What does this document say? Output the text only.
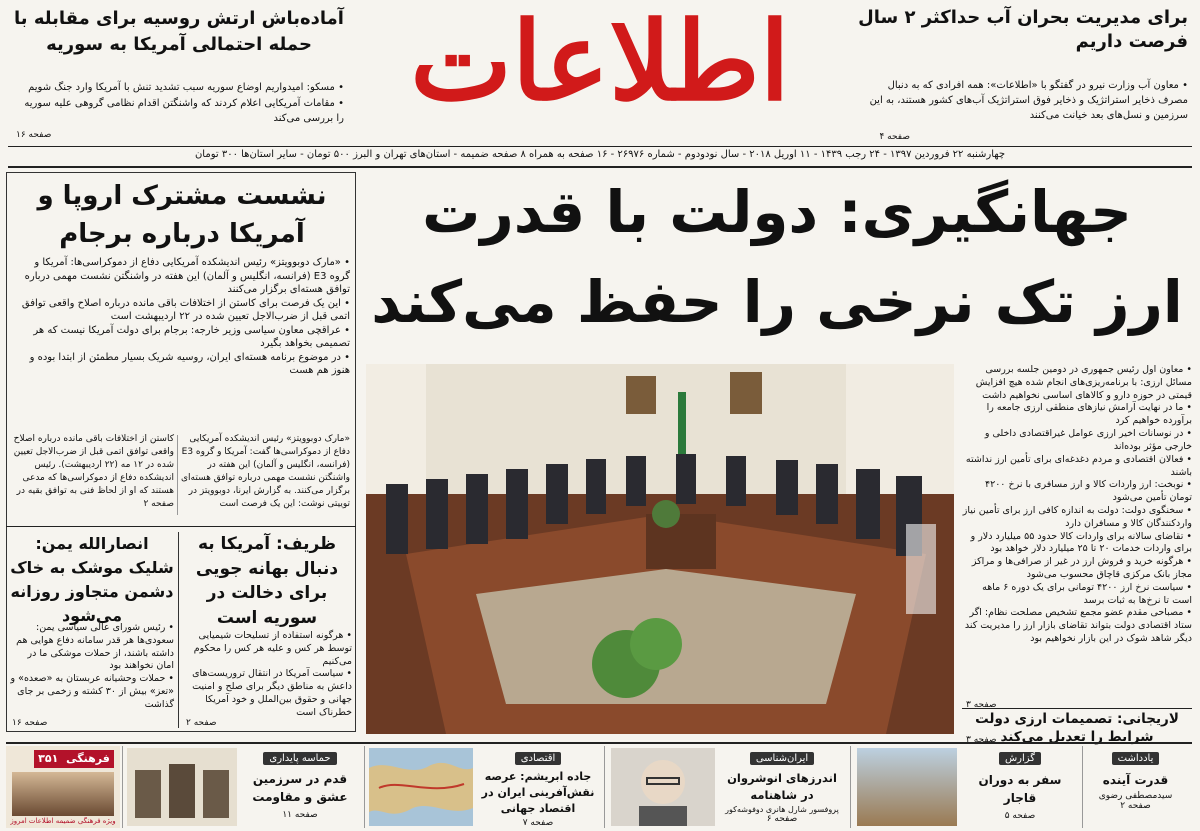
برای مدیریت بحران آب حداکثر ۲ سال فرصت داریم
• معاون آب وزارت نیرو در گفتگو با «اطلاعات»: همه افرادی که به دنبال مصرف ذخایر استراتژیک و ذخایر فوق استراتژیک آب‌های کشور هستند، به این سرزمین و نسل‌های بعد خیانت می‌کنند
صفحه ۴
اطلاعات
آماده‌باش ارتش روسیه برای مقابله با حمله احتمالی آمریکا به سوریه
• مسکو: امیدواریم اوضاع سوریه سبب تشدید تنش با آمریکا وارد جنگ شویم
• مقامات آمریکایی اعلام کردند که واشنگتن اقدام نظامی گروهی علیه سوریه را بررسی می‌کند
صفحه ۱۶
چهارشنبه ۲۲ فروردین ۱۳۹۷ - ۲۴ رجب ۱۴۳۹ - ۱۱ آوریل ۲۰۱۸ - سال نودودوم - شماره ۲۶۹۷۶ - ۱۶ صفحه به همراه ۸ صفحه ضمیمه - استان‌های تهران و البرز ۵۰۰ تومان - سایر استان‌ها ۳۰۰ تومان
نشست مشترک اروپا و آمریکا درباره برجام
• «مارک دوبوویتز» رئیس اندیشکده آمریکایی دفاع از دموکراسی‌ها: آمریکا و گروه E3 (فرانسه، انگلیس و آلمان) این هفته در واشنگتن نشست مهمی درباره توافق هسته‌ای برگزار می‌کنند
• این یک فرصت برای کاستن از اختلافات باقی مانده درباره اصلاح واقعی توافق اتمی قبل از ضرب‌الاجل تعیین شده در ۲۲ اردیبهشت است
• عراقچی معاون سیاسی وزیر خارجه: برجام برای دولت آمریکا نیست که هر تصمیمی بخواهد بگیرد
• در موضوع برنامه هسته‌ای ایران، روسیه شریک بسیار مطمئن از ابتدا بوده و هنوز هم هست
«مارک دوبوویتز» رئیس اندیشکده آمریکایی دفاع از دموکراسی‌ها گفت: آمریکا و گروه E3 (فرانسه، انگلیس و آلمان) این هفته در واشنگتن نشست مهمی درباره توافق هسته‌ای برگزار می‌کنند. به گزارش ایرنا، دوبوویتز در توییتی نوشت: این یک فرصت است
کاستن از اختلافات باقی مانده درباره اصلاح واقعی توافق اتمی قبل از ضرب‌الاجل تعیین شده در ۱۲ مه (۲۲ اردیبهشت). رئیس اندیشکده دفاع از دموکراسی‌ها که مدعی هستند که او از لحاظ فنی به توافق بقیه در صفحه ۲
ظریف: آمریکا به دنبال بهانه جویی برای دخالت در سوریه است
• هرگونه استفاده از تسلیحات شیمیایی توسط هر کس و علیه هر کس را محکوم می‌کنیم
• سیاست آمریکا در انتقال تروریست‌های داعش به مناطق دیگر برای صلح و امنیت جهانی و حقوق بین‌الملل و خود آمریکا خطرناک است
صفحه ۲
انصارالله یمن: شلیک موشک به خاک دشمن متجاوز روزانه می‌شود
• رئیس شورای عالی سیاسی یمن: سعودی‌ها هر قدر سامانه دفاع هوایی هم داشته باشند، از حملات موشکی ما در امان نخواهند بود
• حملات وحشیانه عربستان به «صعده» و «تعز» بیش از ۳۰ کشته و زخمی بر جای گذاشت
صفحه ۱۶
جهانگیری: دولت با قدرت
ارز تک نرخی را حفظ می‌کند
• معاون اول رئیس جمهوری در دومین جلسه بررسی مسائل ارزی: با برنامه‌ریزی‌های انجام شده هیچ افزایش قیمتی در حوزه دارو و کالاهای اساسی نخواهیم داشت
• ما در نهایت آرامش نیازهای منطقی ارزی جامعه را برآورده خواهیم کرد
• در نوسانات اخیر ارزی عوامل غیراقتصادی داخلی و خارجی مؤثر بوده‌اند
• فعالان اقتصادی و مردم دغدغه‌ای برای تأمین ارز نداشته باشند
• نوبخت: ارز واردات کالا و ارز مسافری با نرخ ۴۲۰۰ تومان تأمین می‌شود
• سخنگوی دولت: دولت به اندازه کافی ارز برای تأمین نیاز واردکنندگان کالا و مسافران دارد
• تقاضای سالانه برای واردات کالا حدود ۵۵ میلیارد دلار و برای واردات خدمات ۲۰ تا ۲۵ میلیارد دلار خواهد بود
• هرگونه خرید و فروش ارز در غیر از صرافی‌ها و مراکز مجاز بانک مرکزی قاچاق محسوب می‌شود
• سیاست نرخ ارز ۴۲۰۰ تومانی برای یک دوره ۶ ماهه است تا نرخ‌ها به ثبات برسد
• مصباحی مقدم عضو مجمع تشخیص مصلحت نظام: اگر ستاد اقتصادی دولت بتواند تقاضای بازار ارز را مدیریت کند دیگر شاهد شوک در این بازار نخواهیم بود
صفحه ۳
لاریجانی: تصمیمات ارزی دولت شرایط را تعدیل می‌کند
صفحه ۳
یادداشت
قدرت آینده
سیدمصطفی رضوی
صفحه ۲
گزارش
سفر به دوران قاجار
صفحه ۵
ایران‌شناسی
اندرزهای انوشروان در شاهنامه
پروفسور شارل هانری دوفوشه‌کور
صفحه ۶
اقتصادی
جاده ابریشم: عرصه نقش‌آفرینی ایران در اقتصاد جهانی
صفحه ۷
حماسه پایداری
قدم در سرزمین عشق و مقاومت
صفحه ۱۱
فرهنگی ۳۵۱
ویژه فرهنگی ضمیمه اطلاعات امروز
